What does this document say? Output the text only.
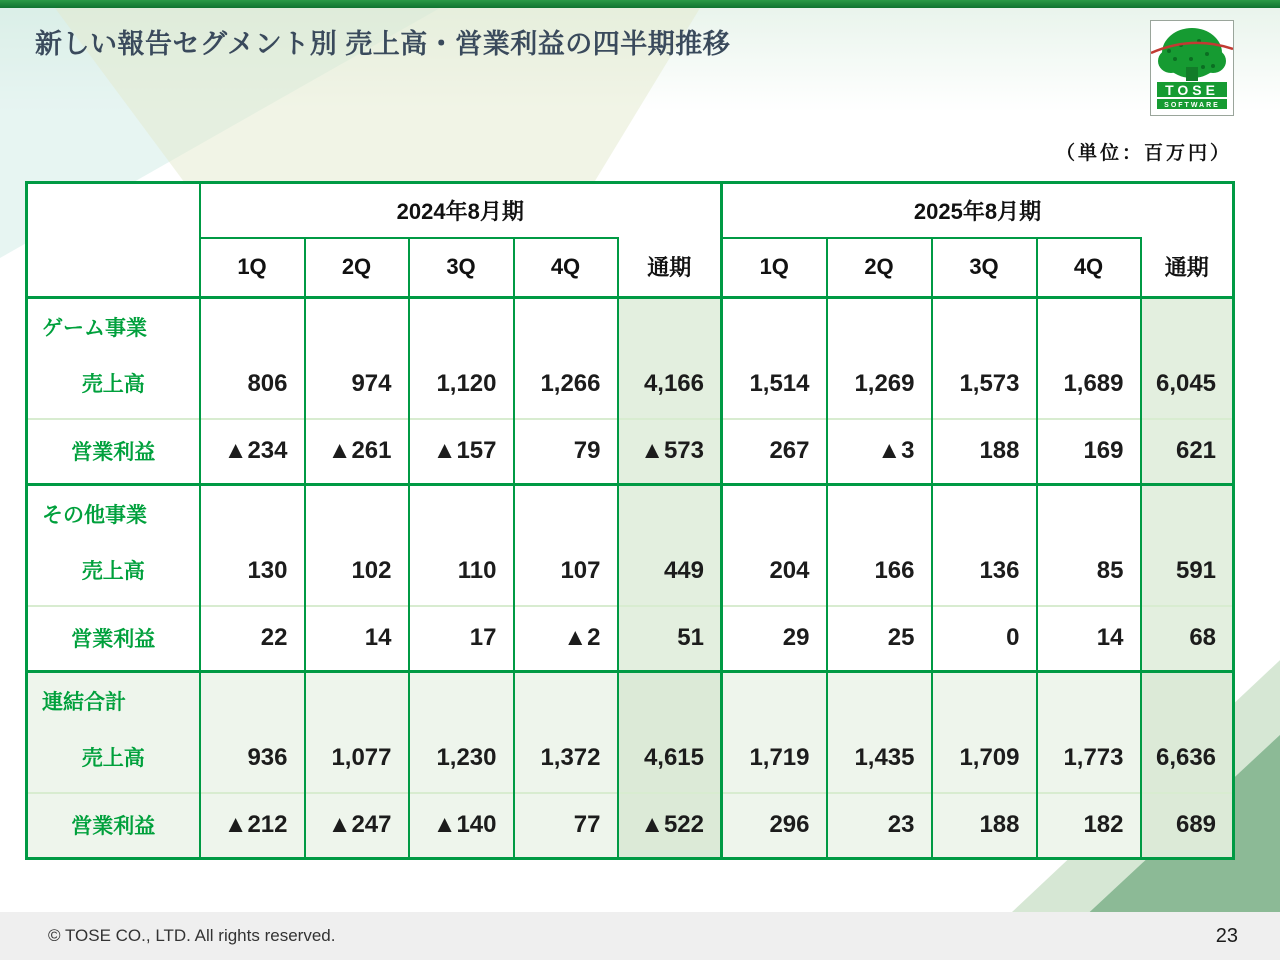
新しい報告セグメント別 売上高・営業利益の四半期推移
TOSE
SOFTWARE
（単位：百万円）
	2024年8月期					2025年8月期				
	1Q	2Q	3Q	4Q	通期	1Q	2Q	3Q	4Q	通期

ゲーム事業
売上高	806	974	1,120	1,266	4,166	1,514	1,269	1,573	1,689	6,045
営業利益	▲234	▲261	▲157	79	▲573	267	▲3	188	169	621

その他事業
売上高	130	102	110	107	449	204	166	136	85	591
営業利益	22	14	17	▲2	51	29	25	0	14	68

連結合計
売上高	936	1,077	1,230	1,372	4,615	1,719	1,435	1,709	1,773	6,636
営業利益	▲212	▲247	▲140	77	▲522	296	23	188	182	689
© TOSE CO., LTD. All rights reserved.	23
